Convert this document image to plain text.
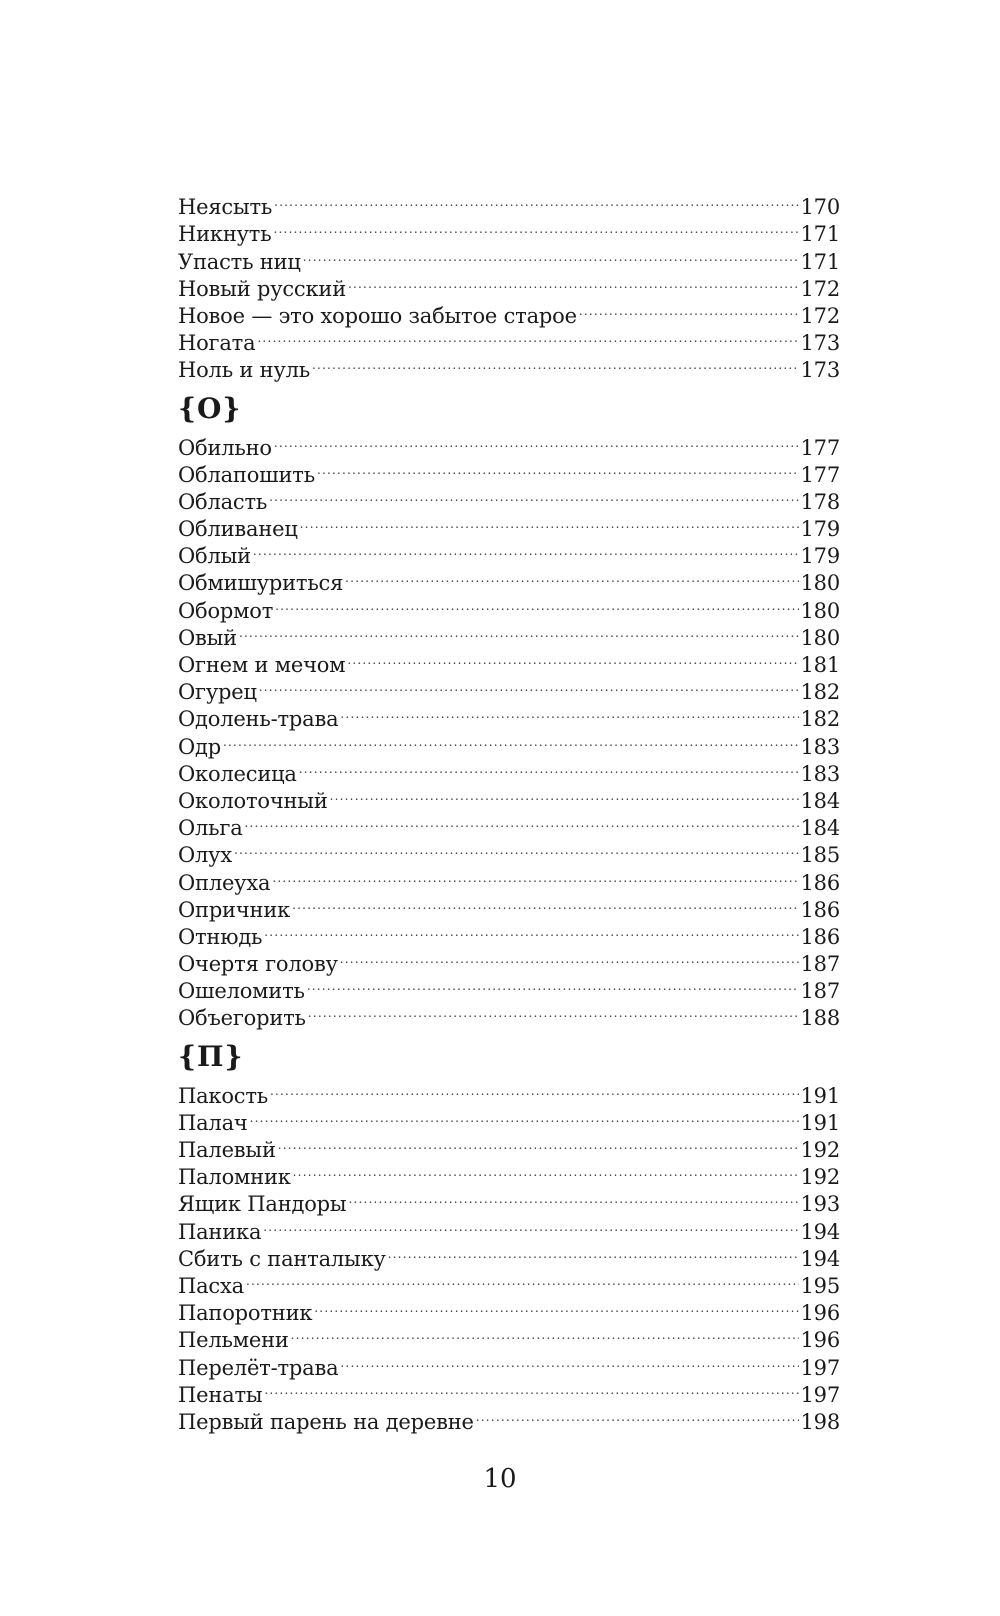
Неясыть .....	170
Никнуть .....	171
Упасть ниц .....	171
Новый русский .....	172
Новое — это хорошо забытое старое .....	172
Ногата .....	173
Ноль и нуль .....	173
{О}
Обильно .....	177
Облапошить .....	177
Область .....	178
Обливанец .....	179
Облый .....	179
Обмишуриться .....	180
Обормот .....	180
Овый .....	180
Огнем и мечом .....	181
Огурец .....	182
Одолень-трава .....	182
Одр .....	183
Околесица .....	183
Околоточный .....	184
Ольга .....	184
Олух .....	185
Оплеуха .....	186
Опричник .....	186
Отнюдь .....	186
Очертя голову .....	187
Ошеломить .....	187
Объегорить .....	188
{П}
Пакость .....	191
Палач .....	191
Палевый .....	192
Паломник .....	192
Ящик Пандоры .....	193
Паника .....	194
Сбить с панталыку .....	194
Пасха .....	195
Папоротник .....	196
Пельмени .....	196
Перелёт-трава .....	197
Пенаты .....	197
Первый парень на деревне .....	198
10
